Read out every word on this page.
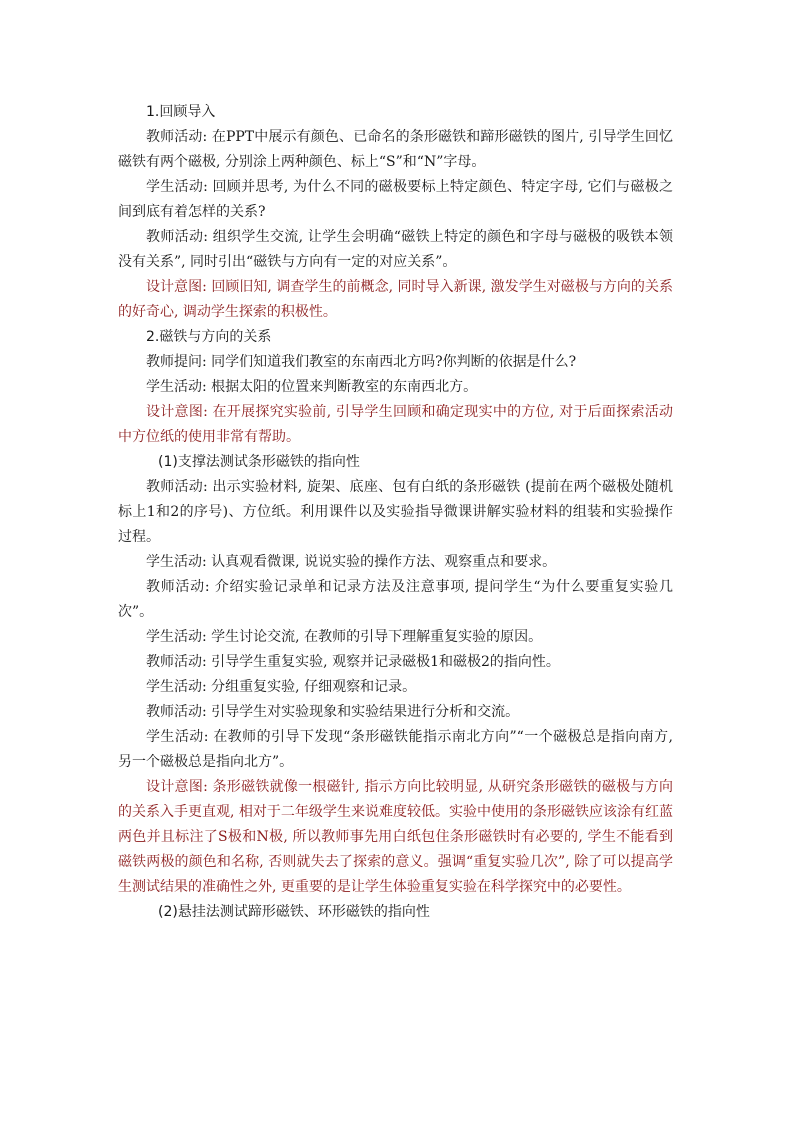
1.回顾导入

教师活动: 在PPT中展示有颜色、已命名的条形磁铁和蹄形磁铁的图片, 引导学生回忆磁铁有两个磁极, 分别涂上两种颜色、标上“S”和“N”字母。

学生活动: 回顾并思考, 为什么不同的磁极要标上特定颜色、特定字母, 它们与磁极之间到底有着怎样的关系?

教师活动: 组织学生交流, 让学生会明确“磁铁上特定的颜色和字母与磁极的吸铁本领没有关系”, 同时引出“磁铁与方向有一定的对应关系”。

设计意图: 回顾旧知, 调查学生的前概念, 同时导入新课, 激发学生对磁极与方向的关系的好奇心, 调动学生探索的积极性。

2.磁铁与方向的关系

教师提问: 同学们知道我们教室的东南西北方吗?你判断的依据是什么?

学生活动: 根据太阳的位置来判断教室的东南西北方。

设计意图: 在开展探究实验前, 引导学生回顾和确定现实中的方位, 对于后面探索活动中方位纸的使用非常有帮助。

(1)支撑法测试条形磁铁的指向性

教师活动: 出示实验材料, 旋架、底座、包有白纸的条形磁铁 (提前在两个磁极处随机标上1和2的序号)、方位纸。利用课件以及实验指导微课讲解实验材料的组装和实验操作过程。

学生活动: 认真观看微课, 说说实验的操作方法、观察重点和要求。

教师活动: 介绍实验记录单和记录方法及注意事项, 提问学生“为什么要重复实验几次”。

学生活动: 学生讨论交流, 在教师的引导下理解重复实验的原因。

教师活动: 引导学生重复实验, 观察并记录磁极1和磁极2的指向性。

学生活动: 分组重复实验, 仔细观察和记录。

教师活动: 引导学生对实验现象和实验结果进行分析和交流。

学生活动: 在教师的引导下发现“条形磁铁能指示南北方向”“一个磁极总是指向南方, 另一个磁极总是指向北方”。

设计意图: 条形磁铁就像一根磁针, 指示方向比较明显, 从研究条形磁铁的磁极与方向的关系入手更直观, 相对于二年级学生来说难度较低。实验中使用的条形磁铁应该涂有红蓝两色并且标注了S极和N极, 所以教师事先用白纸包住条形磁铁时有必要的, 学生不能看到磁铁两极的颜色和名称, 否则就失去了探索的意义。强调“重复实验几次”, 除了可以提高学生测试结果的准确性之外, 更重要的是让学生体验重复实验在科学探究中的必要性。

(2)悬挂法测试蹄形磁铁、环形磁铁的指向性
